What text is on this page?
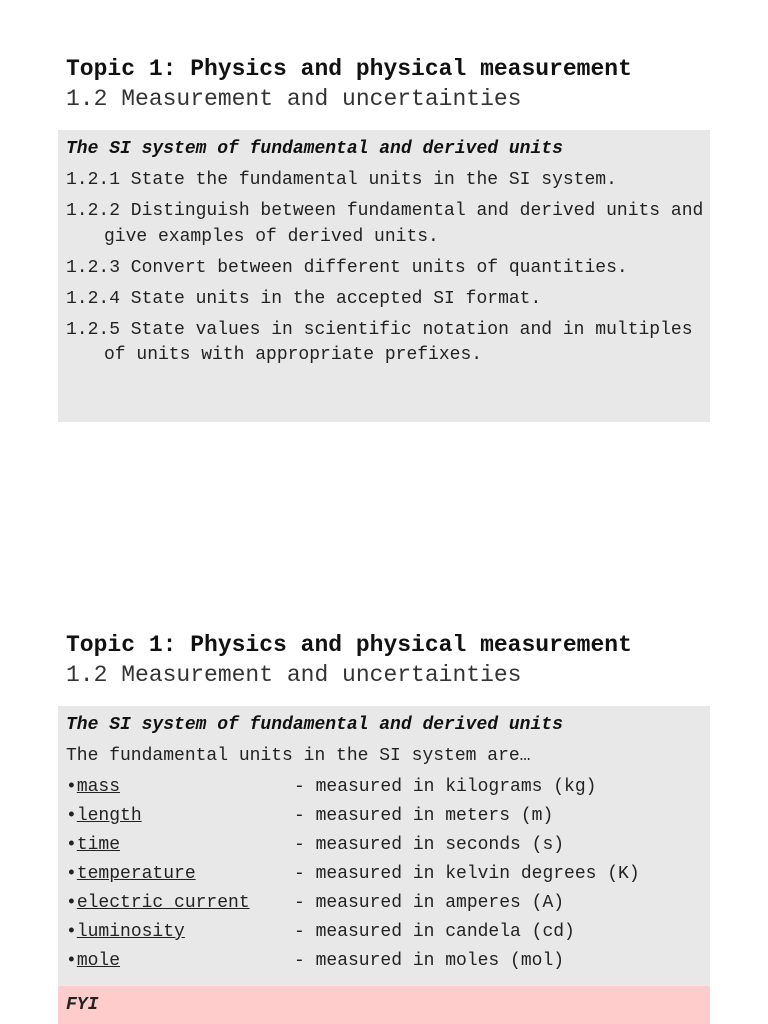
Topic 1: Physics and physical measurement
1.2 Measurement and uncertainties
The SI system of fundamental and derived units
1.2.1 State the fundamental units in the SI system.
1.2.2 Distinguish between fundamental and derived units and give examples of derived units.
1.2.3 Convert between different units of quantities.
1.2.4 State units in the accepted SI format.
1.2.5 State values in scientific notation and in multiples of units with appropriate prefixes.
Topic 1: Physics and physical measurement
1.2 Measurement and uncertainties
The SI system of fundamental and derived units
The fundamental units in the SI system are…
•mass	- measured in kilograms (kg)
•length	- measured in meters (m)
•time	- measured in seconds (s)
•temperature	- measured in kelvin degrees (K)
•electric current	- measured in amperes (A)
•luminosity	- measured in candela (cd)
•mole	- measured in moles (mol)
FYI
